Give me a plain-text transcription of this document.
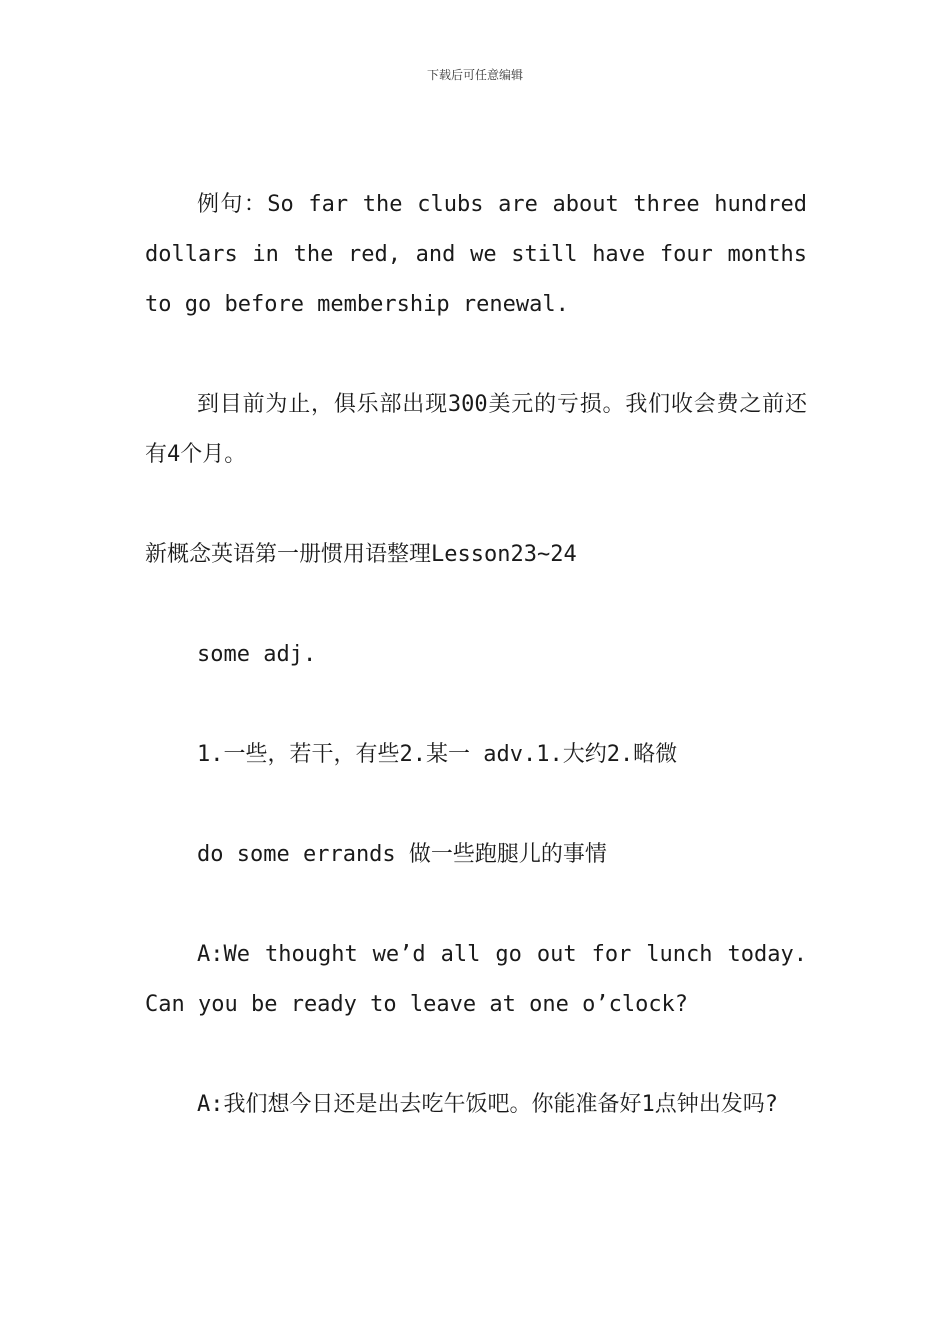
下载后可任意编辑

例句：So far the clubs are about three hundred dollars in the red, and we still have four months to go before membership renewal.

到目前为止，俱乐部出现300美元的亏损。我们收会费之前还有4个月。

新概念英语第一册惯用语整理Lesson23~24

some adj.

1.一些，若干，有些2.某一 adv.1.大约2.略微

do some errands 做一些跑腿儿的事情

A:We thought we’d all go out for lunch today. Can you be ready to leave at one o’clock?

A:我们想今日还是出去吃午饭吧。你能准备好1点钟出发吗?
